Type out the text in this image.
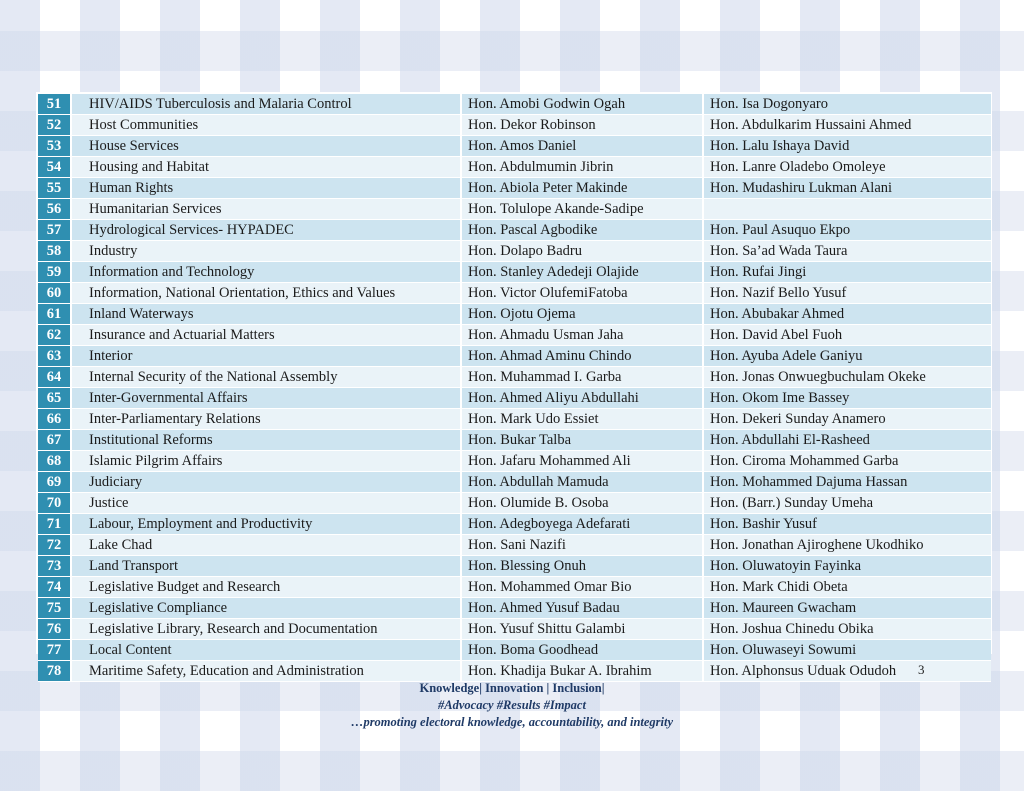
51	HIV/AIDS Tuberculosis and Malaria Control	Hon. Amobi Godwin Ogah	Hon. Isa Dogonyaro
52	Host Communities	Hon. Dekor Robinson	Hon. Abdulkarim Hussaini Ahmed
53	House Services	Hon. Amos Daniel	Hon. Lalu Ishaya David
54	Housing and Habitat	Hon. Abdulmumin Jibrin	Hon. Lanre Oladebo Omoleye
55	Human Rights	Hon. Abiola Peter Makinde	Hon. Mudashiru Lukman Alani
56	Humanitarian Services	Hon. Tolulope Akande-Sadipe	
57	Hydrological Services- HYPADEC	Hon. Pascal Agbodike	Hon. Paul Asuquo Ekpo
58	Industry	Hon. Dolapo Badru	Hon. Sa’ad Wada Taura
59	Information and Technology	Hon. Stanley Adedeji Olajide	Hon. Rufai Jingi
60	Information, National Orientation, Ethics and Values	Hon. Victor OlufemiFatoba	Hon. Nazif Bello Yusuf
61	Inland Waterways	Hon. Ojotu Ojema	Hon. Abubakar Ahmed
62	Insurance and Actuarial Matters	Hon. Ahmadu Usman Jaha	Hon. David Abel Fuoh
63	Interior	Hon. Ahmad Aminu Chindo	Hon. Ayuba Adele Ganiyu
64	Internal Security of the National Assembly	Hon. Muhammad I. Garba	Hon. Jonas Onwuegbuchulam Okeke
65	Inter-Governmental Affairs	Hon. Ahmed Aliyu Abdullahi	Hon. Okom Ime Bassey
66	Inter-Parliamentary Relations	Hon. Mark Udo Essiet	Hon. Dekeri Sunday Anamero
67	Institutional Reforms	Hon. Bukar Talba	Hon. Abdullahi El-Rasheed
68	Islamic Pilgrim Affairs	Hon. Jafaru Mohammed Ali	Hon. Ciroma Mohammed Garba
69	Judiciary	Hon. Abdullah Mamuda	Hon. Mohammed Dajuma Hassan
70	Justice	Hon. Olumide B. Osoba	Hon. (Barr.) Sunday Umeha
71	Labour, Employment and Productivity	Hon. Adegboyega Adefarati	Hon. Bashir Yusuf
72	Lake Chad	Hon. Sani Nazifi	Hon. Jonathan Ajiroghene Ukodhiko
73	Land Transport	Hon. Blessing Onuh	Hon. Oluwatoyin Fayinka
74	Legislative Budget and Research	Hon. Mohammed Omar Bio	Hon. Mark Chidi Obeta
75	Legislative Compliance	Hon. Ahmed Yusuf Badau	Hon. Maureen Gwacham
76	Legislative Library, Research and Documentation	Hon. Yusuf Shittu Galambi	Hon. Joshua Chinedu Obika
77	Local Content	Hon. Boma Goodhead	Hon. Oluwaseyi Sowumi
78	Maritime Safety, Education and Administration	Hon. Khadija Bukar A. Ibrahim	Hon. Alphonsus Uduak Odudoh 3
Knowledge| Innovation | Inclusion|
#Advocacy #Results #Impact
…promoting electoral knowledge, accountability, and integrity
